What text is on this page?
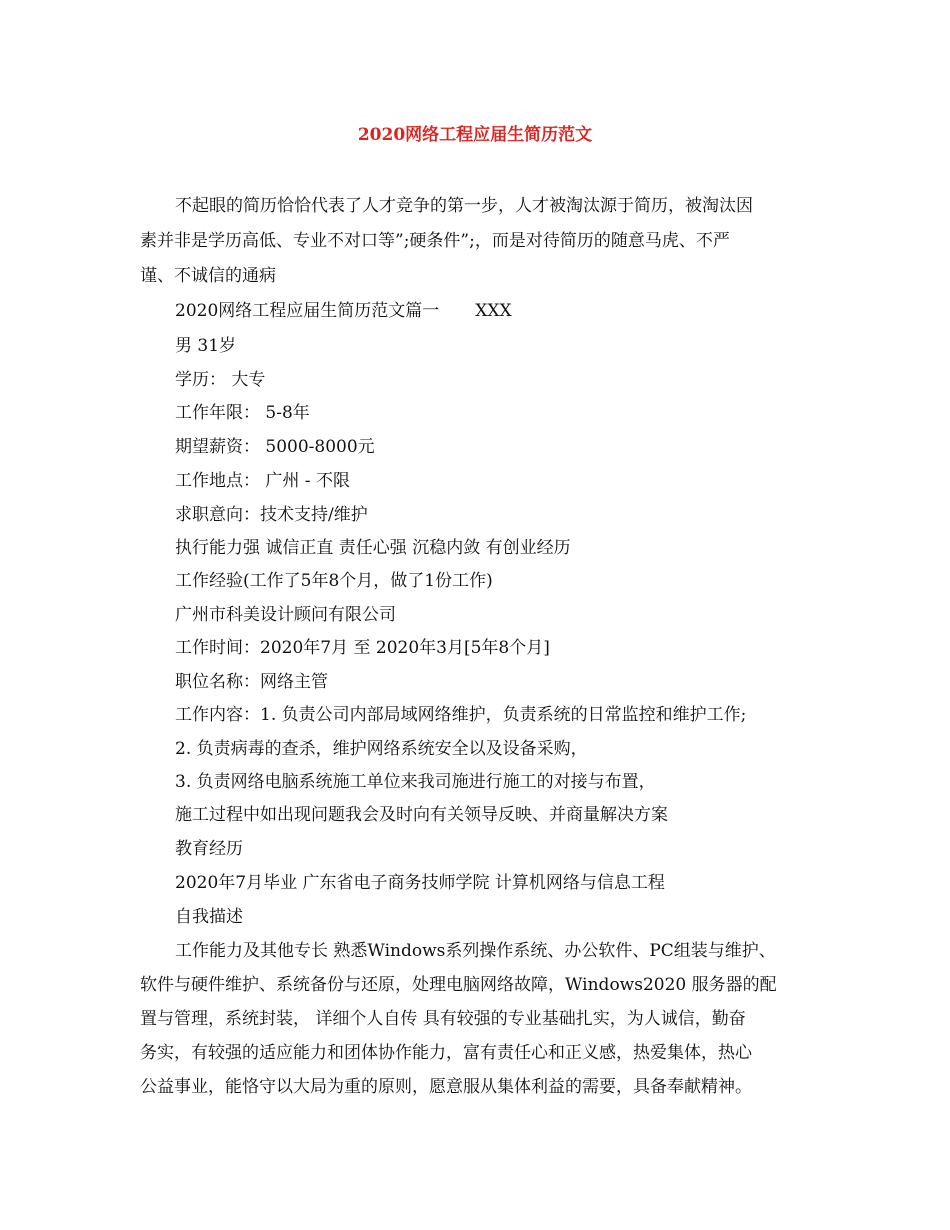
2020网络工程应届生简历范文
不起眼的简历恰恰代表了人才竞争的第一步，人才被淘汰源于简历，被淘汰因
素并非是学历高低、专业不对口等”;硬条件”;，而是对待简历的随意马虎、不严
谨、不诚信的通病
2020网络工程应届生简历范文篇一 XXX
男 31岁
学历： 大专
工作年限： 5-8年
期望薪资： 5000-8000元
工作地点： 广州 - 不限
求职意向：技术支持/维护
执行能力强 诚信正直 责任心强 沉稳内敛 有创业经历
工作经验(工作了5年8个月，做了1份工作)
广州市科美设计顾问有限公司
工作时间：2020年7月 至 2020年3月[5年8个月]
职位名称：网络主管
工作内容：1. 负责公司内部局域网络维护，负责系统的日常监控和维护工作;
2. 负责病毒的查杀，维护网络系统安全以及设备采购，
3. 负责网络电脑系统施工单位来我司施进行施工的对接与布置，
施工过程中如出现问题我会及时向有关领导反映、并商量解决方案
教育经历
2020年7月毕业 广东省电子商务技师学院 计算机网络与信息工程
自我描述
工作能力及其他专长 熟悉Windows系列操作系统、办公软件、PC组装与维护、
软件与硬件维护、系统备份与还原，处理电脑网络故障，Windows2020 服务器的配
置与管理，系统封装， 详细个人自传 具有较强的专业基础扎实，为人诚信，勤奋
务实，有较强的适应能力和团体协作能力，富有责任心和正义感，热爱集体，热心
公益事业，能恪守以大局为重的原则，愿意服从集体利益的需要，具备奉献精神。
